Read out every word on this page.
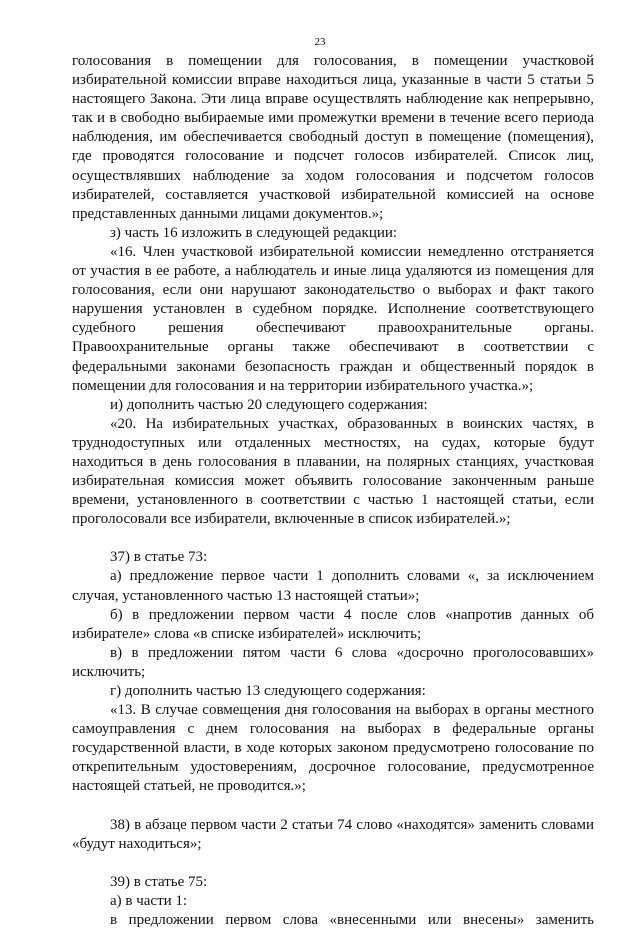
23

голосования в помещении для голосования, в помещении участковой избирательной комиссии вправе находиться лица, указанные в части 5 статьи 5 настоящего Закона. Эти лица вправе осуществлять наблюдение как непрерывно, так и в свободно выбираемые ими промежутки времени в течение всего периода наблюдения, им обеспечивается свободный доступ в помещение (помещения), где проводятся голосование и подсчет голосов избирателей. Список лиц, осуществлявших наблюдение за ходом голосования и подсчетом голосов избирателей, составляется участковой избирательной комиссией на основе представленных данными лицами документов.»;

з) часть 16 изложить в следующей редакции:

«16. Член участковой избирательной комиссии немедленно отстраняется от участия в ее работе, а наблюдатель и иные лица удаляются из помещения для голосования, если они нарушают законодательство о выборах и факт такого нарушения установлен в судебном порядке. Исполнение соответствующего судебного решения обеспечивают правоохранительные органы. Правоохранительные органы также обеспечивают в соответствии с федеральными законами безопасность граждан и общественный порядок в помещении для голосования и на территории избирательного участка.»;

и) дополнить частью 20 следующего содержания:

«20. На избирательных участках, образованных в воинских частях, в труднодоступных или отдаленных местностях, на судах, которые будут находиться в день голосования в плавании, на полярных станциях, участковая избирательная комиссия может объявить голосование законченным раньше времени, установленного в соответствии с частью 1 настоящей статьи, если проголосовали все избиратели, включенные в список избирателей.»;

37) в статье 73:

а) предложение первое части 1 дополнить словами «, за исключением случая, установленного частью 13 настоящей статьи»;

б) в предложении первом части 4 после слов «напротив данных об избирателе» слова «в списке избирателей» исключить;

в) в предложении пятом части 6 слова «досрочно проголосовавших» исключить;

г) дополнить частью 13 следующего содержания:

«13. В случае совмещения дня голосования на выборах в органы местного самоуправления с днем голосования на выборах в федеральные органы государственной власти, в ходе которых законом предусмотрено голосование по открепительным удостоверениям, досрочное голосование, предусмотренное настоящей статьей, не проводится.»;

38) в абзаце первом части 2 статьи 74 слово «находятся» заменить словами «будут находиться»;

39) в статье 75:

а) в части 1:

в предложении первом слова «внесенными или внесены» заменить
